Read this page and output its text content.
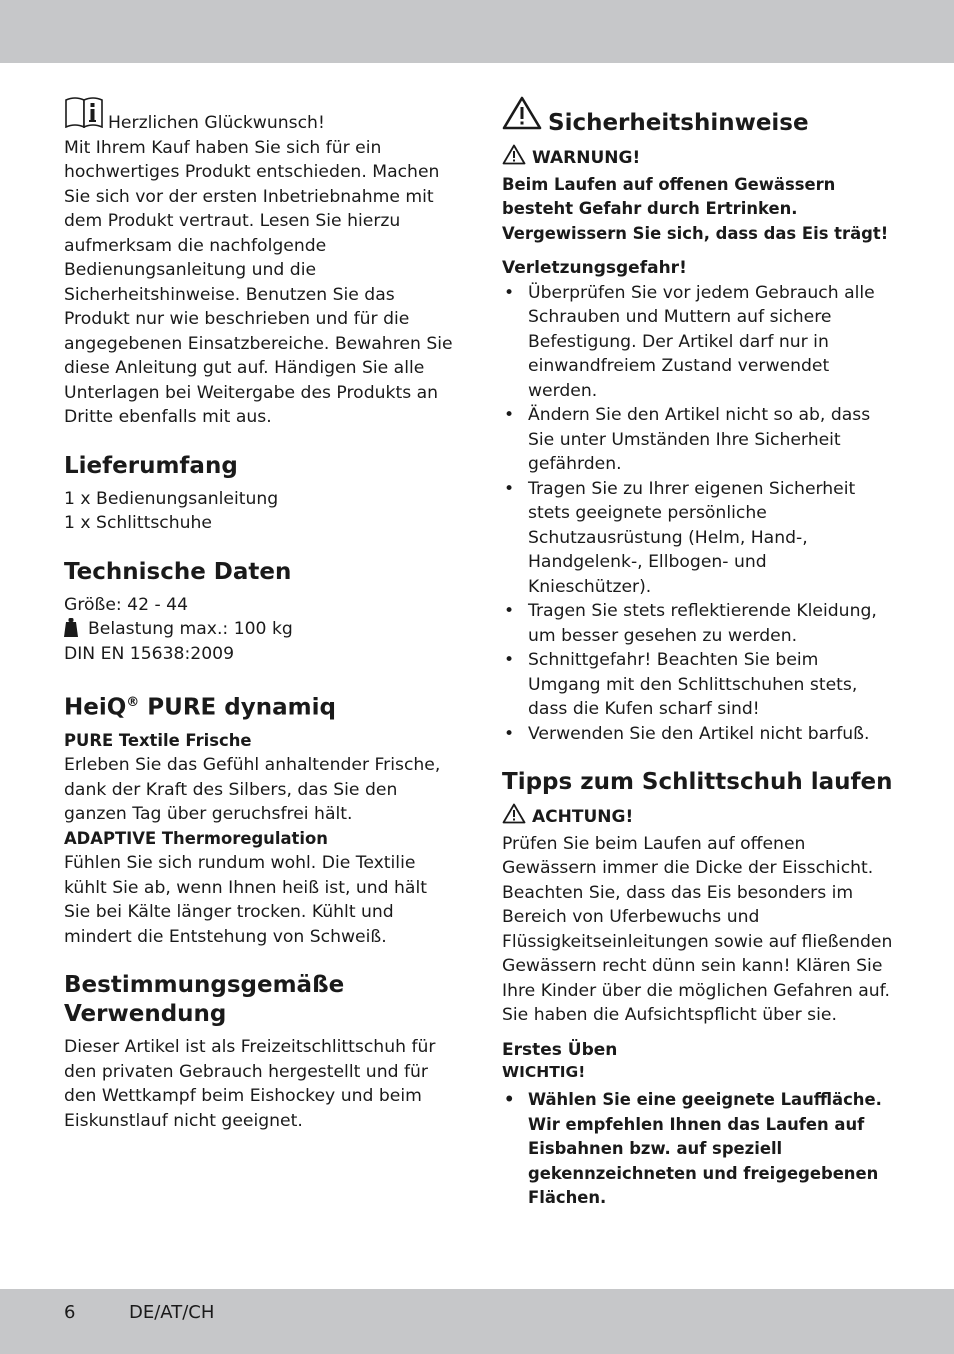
Herzlichen Glückwunsch!

Mit Ihrem Kauf haben Sie sich für ein hochwertiges Produkt entschieden. Machen Sie sich vor der ersten Inbetriebnahme mit dem Produkt vertraut. Lesen Sie hierzu aufmerksam die nachfolgende Bedienungsanleitung und die Sicherheitshinweise. Benutzen Sie das Produkt nur wie beschrieben und für die angegebenen Einsatzbereiche. Bewahren Sie diese Anleitung gut auf. Händigen Sie alle Unterlagen bei Weitergabe des Produkts an Dritte ebenfalls mit aus.

Lieferumfang

1 x Bedienungsanleitung

1 x Schlittschuhe

Technische Daten

Größe: 42 - 44

Belastung max.: 100 kg

DIN EN 15638:2009

HeiQ® PURE dynamiq

PURE Textile Frische

Erleben Sie das Gefühl anhaltender Frische, dank der Kraft des Silbers, das Sie den ganzen Tag über geruchsfrei hält.

ADAPTIVE Thermoregulation

Fühlen Sie sich rundum wohl. Die Textilie kühlt Sie ab, wenn Ihnen heiß ist, und hält Sie bei Kälte länger trocken. Kühlt und mindert die Entstehung von Schweiß.

Bestimmungsgemäße Verwendung

Dieser Artikel ist als Freizeitschlittschuh für den privaten Gebrauch hergestellt und für den Wettkampf beim Eishockey und beim Eiskunstlauf nicht geeignet.

Sicherheitshinweise
WARNUNG!

Beim Laufen auf offenen Gewässern besteht Gefahr durch Ertrinken. Vergewissern Sie sich, dass das Eis trägt!

Verletzungsgefahr!

• Überprüfen Sie vor jedem Gebrauch alle Schrauben und Muttern auf sichere Befestigung. Der Artikel darf nur in einwandfreiem Zustand verwendet werden.
• Ändern Sie den Artikel nicht so ab, dass Sie unter Umständen Ihre Sicherheit gefährden.
• Tragen Sie zu Ihrer eigenen Sicherheit stets geeignete persönliche Schutzausrüstung (Helm, Hand-, Handgelenk-, Ellbogen- und Knieschützer).
• Tragen Sie stets reflektierende Kleidung, um besser gesehen zu werden.
• Schnittgefahr! Beachten Sie beim Umgang mit den Schlittschuhen stets, dass die Kufen scharf sind!
• Verwenden Sie den Artikel nicht barfuß.
Tipps zum Schlittschuh laufen
ACHTUNG!

Prüfen Sie beim Laufen auf offenen Gewässern immer die Dicke der Eisschicht. Beachten Sie, dass das Eis besonders im Bereich von Uferbewuchs und Flüssigkeitseinleitungen sowie auf fließenden Gewässern recht dünn sein kann! Klären Sie Ihre Kinder über die möglichen Gefahren auf. Sie haben die Aufsichtspflicht über sie.

Erstes Üben

WICHTIG!

• Wählen Sie eine geeignete Lauffläche. Wir empfehlen Ihnen das Laufen auf Eisbahnen bzw. auf speziell gekennzeichneten und freigegebenen Flächen.
6	DE/AT/CH
